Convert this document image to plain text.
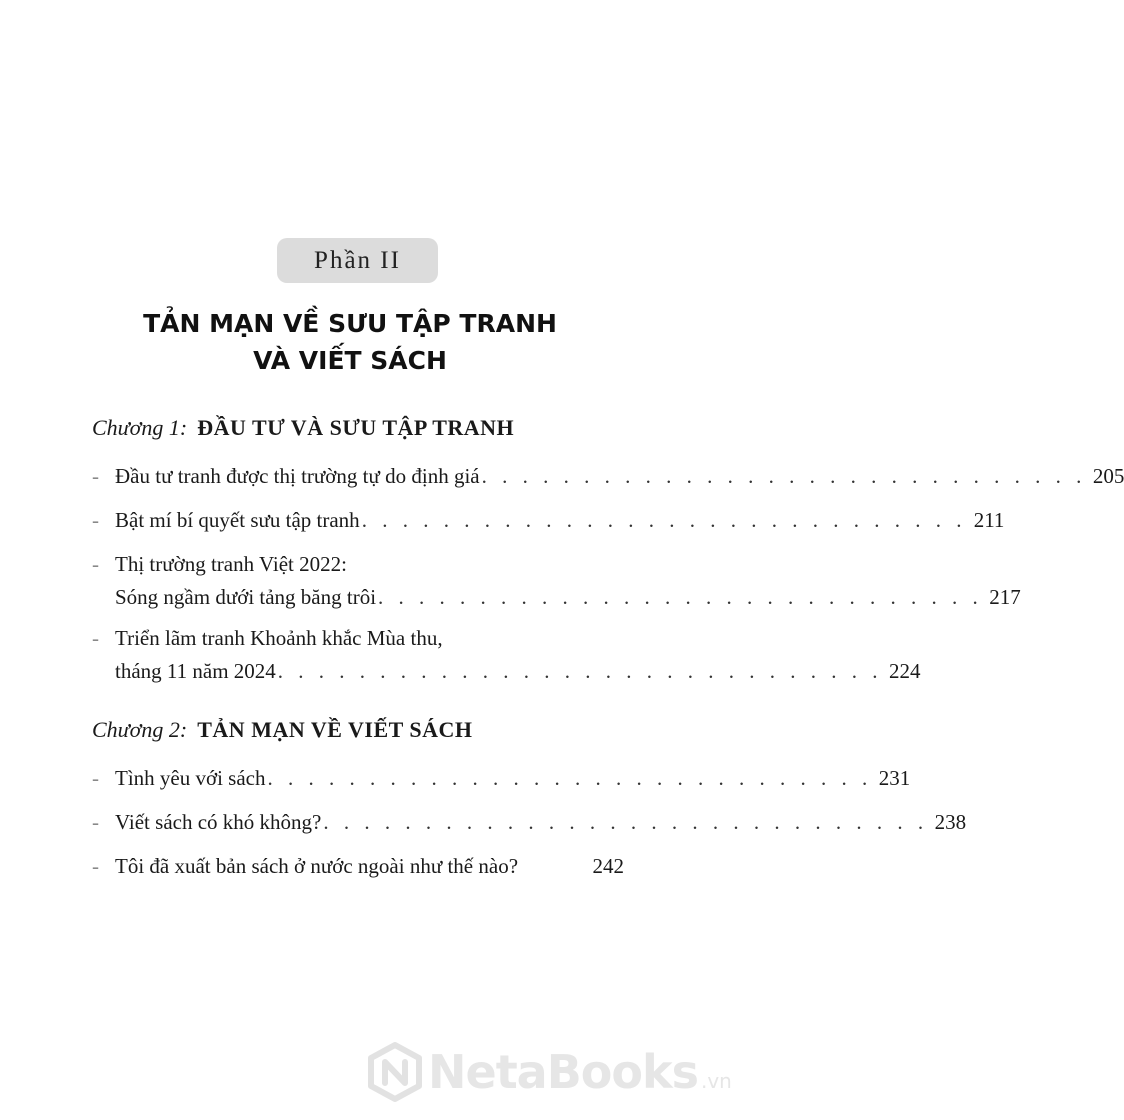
Phần II
TẢN MẠN VỀ SƯU TẬP TRANH
VÀ VIẾT SÁCH
Chương 1: ĐẦU TƯ VÀ SƯU TẬP TRANH
- Đầu tư tranh được thị trường tự do định giá . . . . . . . . . . . . . . . . . . . . . . . . . . . . . . 205
- Bật mí bí quyết sưu tập tranh . . . . . . . . . . . . . . . . . . . . . . . . . . . . . . 211
- Thị trường tranh Việt 2022:
Sóng ngầm dưới tảng băng trôi . . . . . . . . . . . . . . . . . . . . . . . . . . . . . . 217
- Triển lãm tranh Khoảnh khắc Mùa thu,
tháng 11 năm 2024 . . . . . . . . . . . . . . . . . . . . . . . . . . . . . . 224
Chương 2: TẢN MẠN VỀ VIẾT SÁCH
- Tình yêu với sách . . . . . . . . . . . . . . . . . . . . . . . . . . . . . . 231
- Viết sách có khó không? . . . . . . . . . . . . . . . . . . . . . . . . . . . . . . 238
- Tôi đã xuất bản sách ở nước ngoài như thế nào?	242
NetaBooks .vn
